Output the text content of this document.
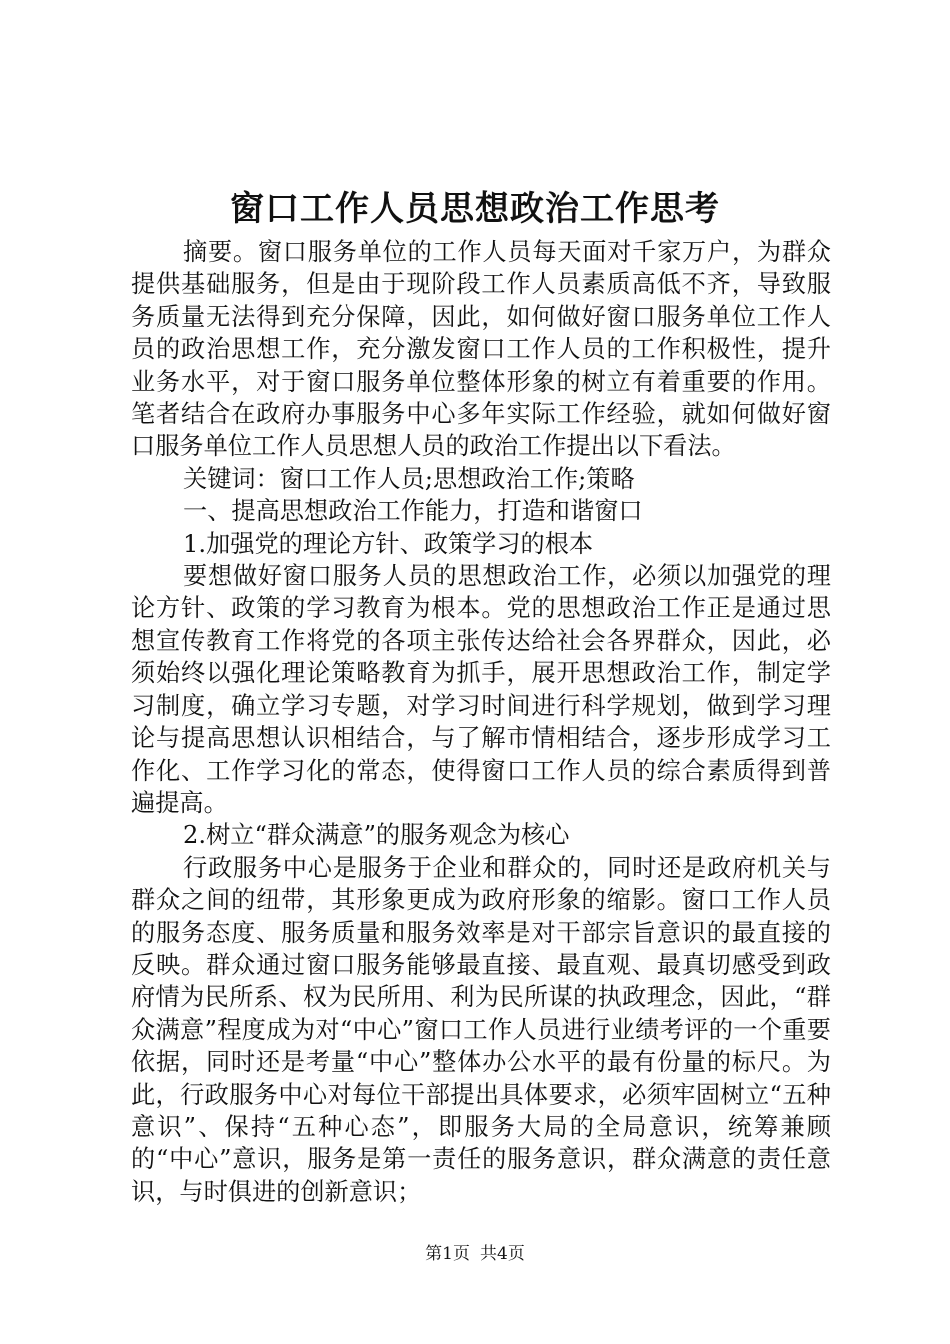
窗口工作人员思想政治工作思考

摘要。窗口服务单位的工作人员每天面对千家万户，为群众提供基础服务，但是由于现阶段工作人员素质高低不齐，导致服务质量无法得到充分保障，因此，如何做好窗口服务单位工作人员的政治思想工作，充分激发窗口工作人员的工作积极性，提升业务水平，对于窗口服务单位整体形象的树立有着重要的作用。笔者结合在政府办事服务中心多年实际工作经验，就如何做好窗口服务单位工作人员思想人员的政治工作提出以下看法。

关键词：窗口工作人员;思想政治工作;策略

一、提高思想政治工作能力，打造和谐窗口

1.加强党的理论方针、政策学习的根本

要想做好窗口服务人员的思想政治工作，必须以加强党的理论方针、政策的学习教育为根本。党的思想政治工作正是通过思想宣传教育工作将党的各项主张传达给社会各界群众，因此，必须始终以强化理论策略教育为抓手，展开思想政治工作，制定学习制度，确立学习专题，对学习时间进行科学规划，做到学习理论与提高思想认识相结合，与了解市情相结合，逐步形成学习工作化、工作学习化的常态，使得窗口工作人员的综合素质得到普遍提高。

2.树立“群众满意”的服务观念为核心

行政服务中心是服务于企业和群众的，同时还是政府机关与群众之间的纽带，其形象更成为政府形象的缩影。窗口工作人员的服务态度、服务质量和服务效率是对干部宗旨意识的最直接的反映。群众通过窗口服务能够最直接、最直观、最真切感受到政府情为民所系、权为民所用、利为民所谋的执政理念，因此，“群众满意”程度成为对“中心”窗口工作人员进行业绩考评的一个重要依据，同时还是考量“中心”整体办公水平的最有份量的标尺。为此，行政服务中心对每位干部提出具体要求，必须牢固树立“五种意识”、保持“五种心态”，即服务大局的全局意识，统筹兼顾的“中心”意识，服务是第一责任的服务意识，群众满意的责任意识，与时俱进的创新意识；

第1页 共4页
